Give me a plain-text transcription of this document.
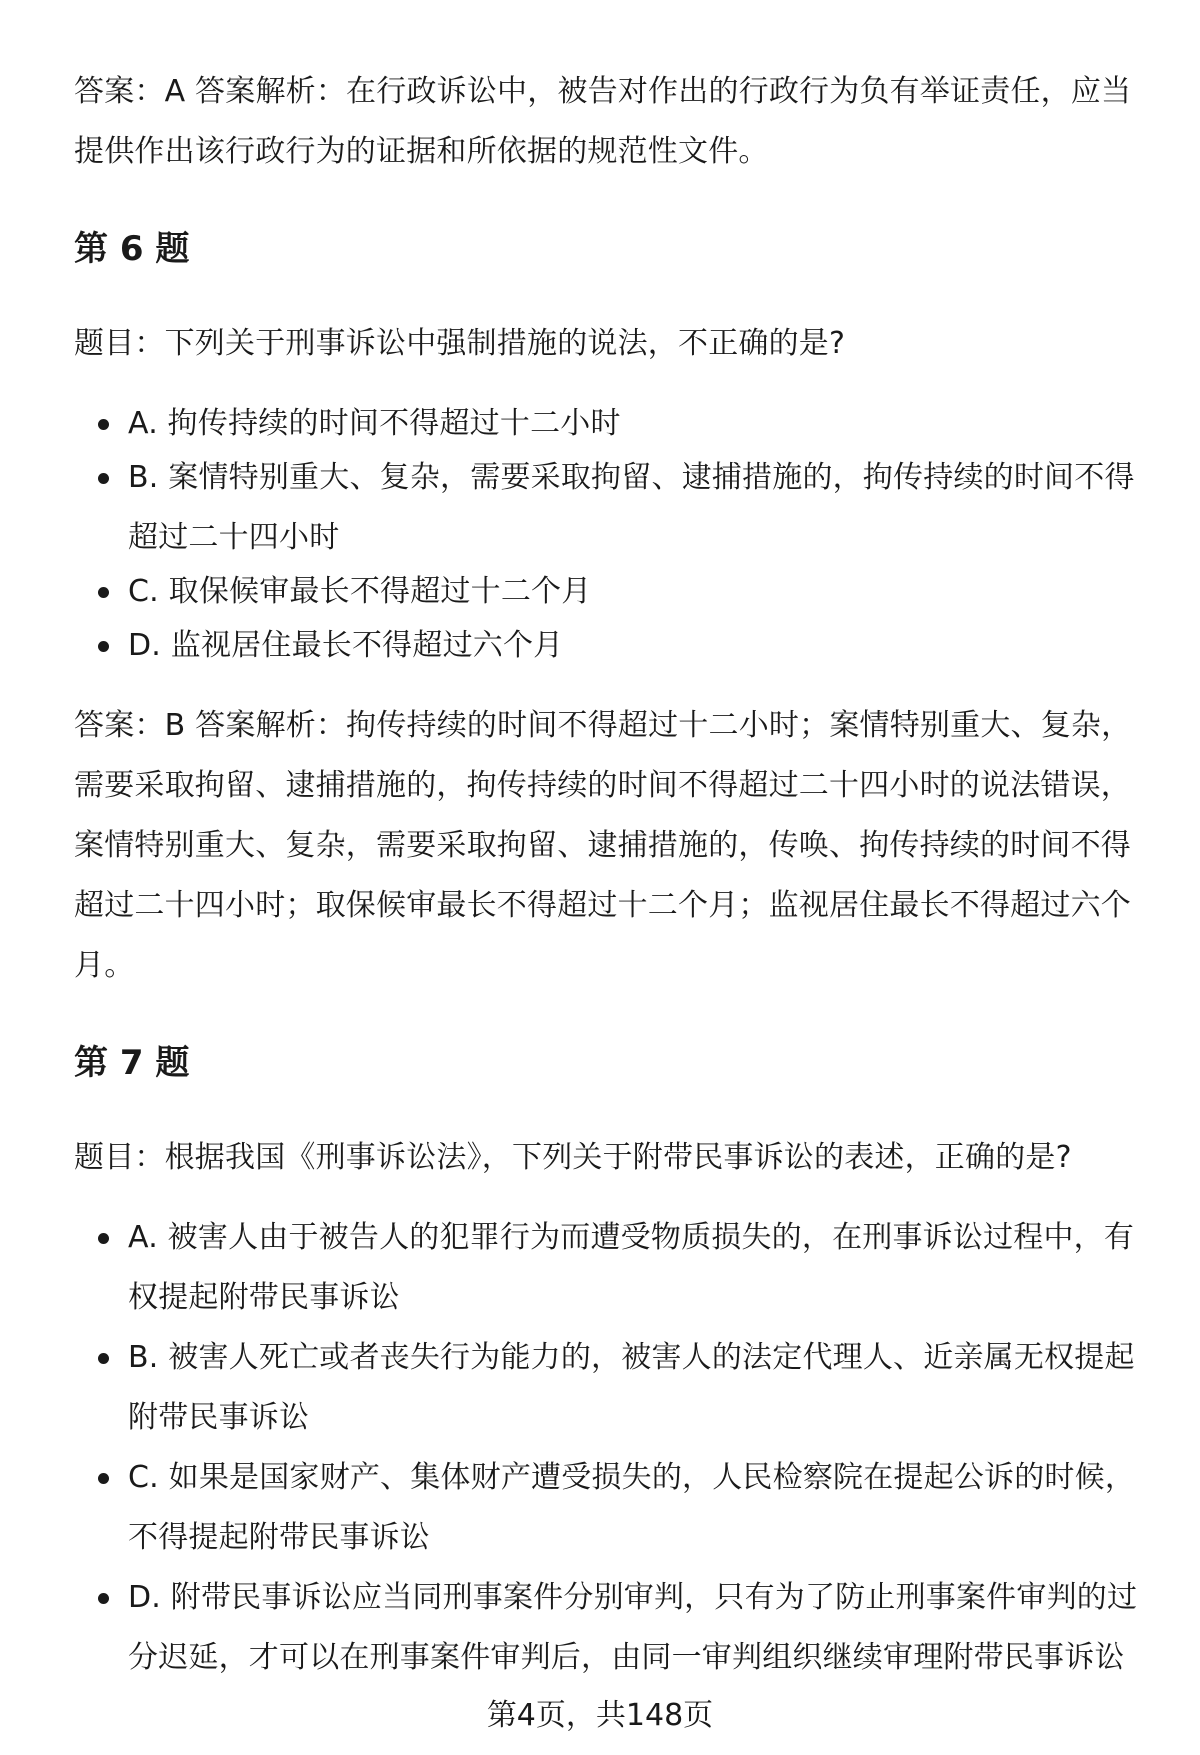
答案：A 答案解析：在行政诉讼中，被告对作出的行政行为负有举证责任，应当提供作出该行政行为的证据和所依据的规范性文件。

第 6 题

题目：下列关于刑事诉讼中强制措施的说法，不正确的是?

A. 拘传持续的时间不得超过十二小时
B. 案情特别重大、复杂，需要采取拘留、逮捕措施的，拘传持续的时间不得超过二十四小时
C. 取保候审最长不得超过十二个月
D. 监视居住最长不得超过六个月

答案：B 答案解析：拘传持续的时间不得超过十二小时；案情特别重大、复杂，需要采取拘留、逮捕措施的，拘传持续的时间不得超过二十四小时的说法错误，案情特别重大、复杂，需要采取拘留、逮捕措施的，传唤、拘传持续的时间不得超过二十四小时；取保候审最长不得超过十二个月；监视居住最长不得超过六个月。

第 7 题

题目：根据我国《刑事诉讼法》，下列关于附带民事诉讼的表述，正确的是?

A. 被害人由于被告人的犯罪行为而遭受物质损失的，在刑事诉讼过程中，有权提起附带民事诉讼
B. 被害人死亡或者丧失行为能力的，被害人的法定代理人、近亲属无权提起附带民事诉讼
C. 如果是国家财产、集体财产遭受损失的，人民检察院在提起公诉的时候，不得提起附带民事诉讼
D. 附带民事诉讼应当同刑事案件分别审判，只有为了防止刑事案件审判的过分迟延，才可以在刑事案件审判后，由同一审判组织继续审理附带民事诉讼
第4页，共148页
